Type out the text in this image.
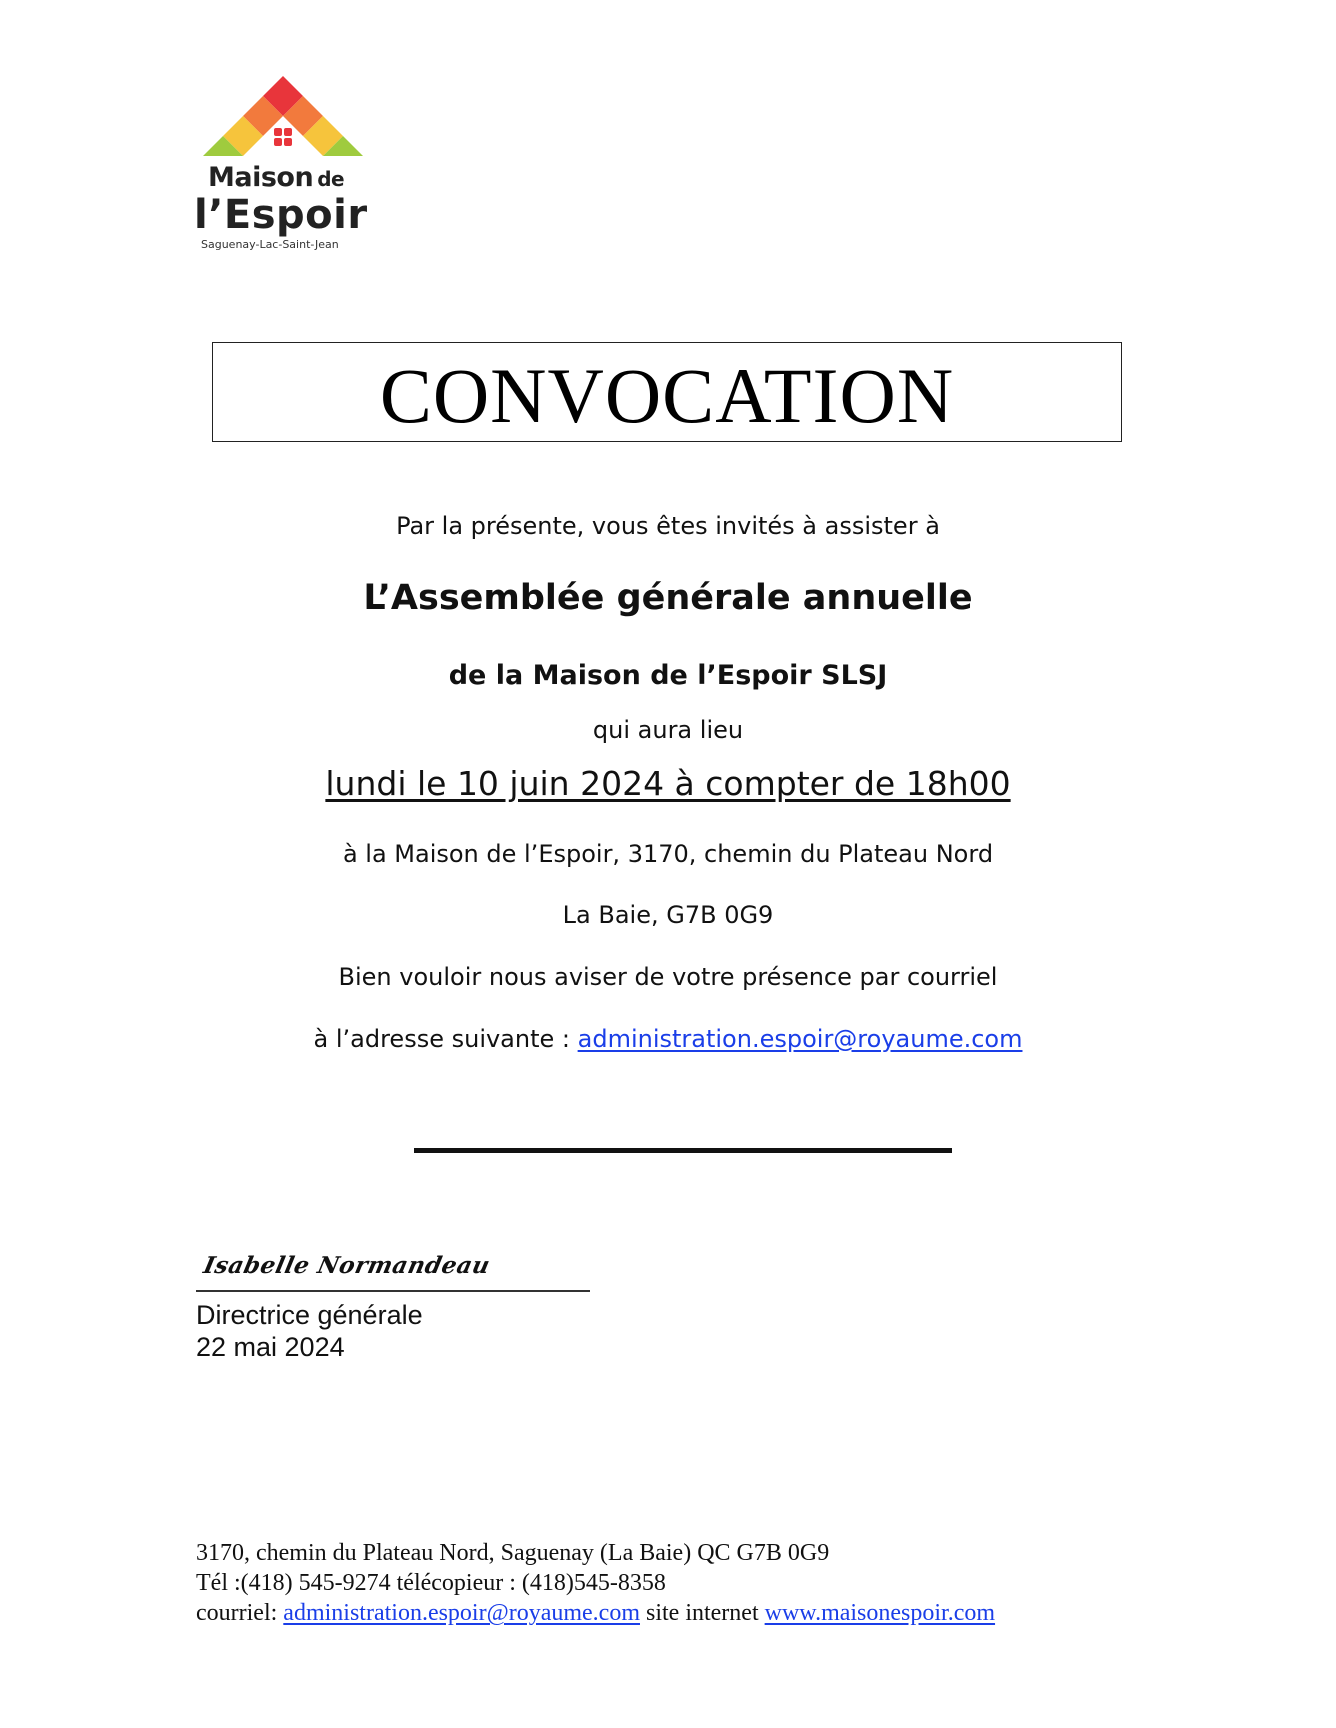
Maison de
l’Espoir
Saguenay-Lac-Saint-Jean
CONVOCATION
Par la présente, vous êtes invités à assister à
L’Assemblée générale annuelle
de la Maison de l’Espoir SLSJ
qui aura lieu
lundi le 10 juin 2024 à compter de 18h00
à la Maison de l’Espoir, 3170, chemin du Plateau Nord
La Baie, G7B 0G9
Bien vouloir nous aviser de votre présence par courriel
à l’adresse suivante : administration.espoir@royaume.com
Isabelle Normandeau
Directrice générale
22 mai 2024
3170, chemin du Plateau Nord, Saguenay (La Baie) QC G7B 0G9
Tél :(418) 545-9274 télécopieur : (418)545-8358
courriel: administration.espoir@royaume.com site internet www.maisonespoir.com
